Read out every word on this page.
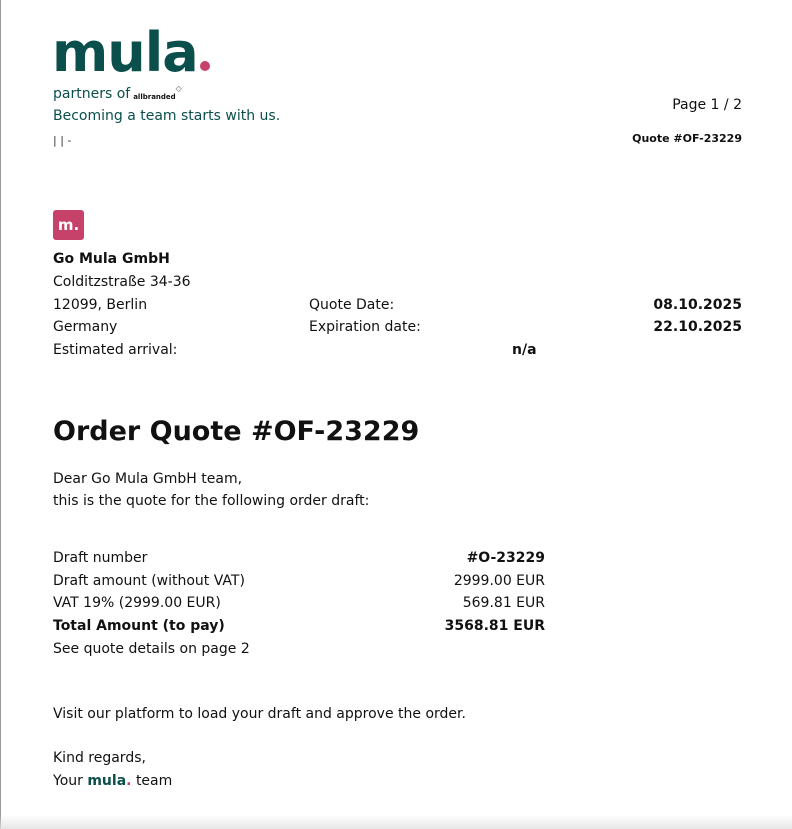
mula
partners of allbranded◇
Becoming a team starts with us.
| | -
Page 1 / 2
Quote #OF-23229
m.
Go Mula GmbH
Colditzstraße 34-36
12099, Berlin
Germany
Quote Date:	08.10.2025
Expiration date:	22.10.2025
Estimated arrival:	n/a
Order Quote #OF-23229
Dear Go Mula GmbH team,
this is the quote for the following order draft:
Draft number	#O-23229
Draft amount (without VAT)	2999.00 EUR
VAT 19% (2999.00 EUR)	569.81 EUR
Total Amount (to pay)	3568.81 EUR
See quote details on page 2
Visit our platform to load your draft and approve the order.
Kind regards,
Your mula. team
